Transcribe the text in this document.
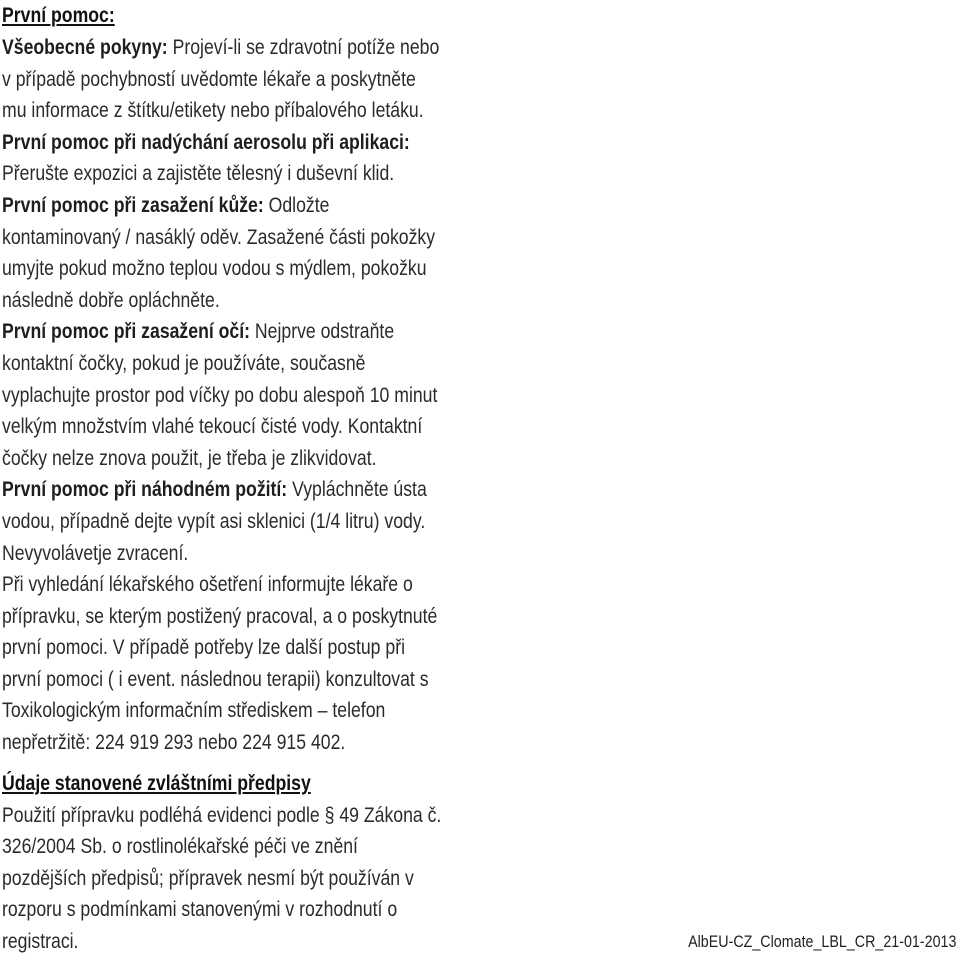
První pomoc:
Všeobecné pokyny: Projeví-li se zdravotní potíže nebo
v případě pochybností uvědomte lékaře a poskytněte
mu informace z štítku/etikety nebo příbalového letáku.
První pomoc při nadýchání aerosolu při aplikaci:
Přerušte expozici a zajistěte tělesný i duševní klid.
První pomoc při zasažení kůže: Odložte
kontaminovaný / nasáklý oděv. Zasažené části pokožky
umyjte pokud možno teplou vodou s mýdlem, pokožku
následně dobře opláchněte.
První pomoc při zasažení očí: Nejprve odstraňte
kontaktní čočky, pokud je používáte, současně
vyplachujte prostor pod víčky po dobu alespoň 10 minut
velkým množstvím vlahé tekoucí čisté vody. Kontaktní
čočky nelze znova použit, je třeba je zlikvidovat.
První pomoc při náhodném požití: Vypláchněte ústa
vodou, případně dejte vypít asi sklenici (1/4 litru) vody.
Nevyvolávetje zvracení.
Při vyhledání lékařského ošetření informujte lékaře o
přípravku, se kterým postižený pracoval, a o poskytnuté
první pomoci. V případě potřeby lze další postup při
první pomoci ( i event. následnou terapii) konzultovat s
Toxikologickým informačním střediskem – telefon
nepřetržitě: 224 919 293 nebo 224 915 402.
Údaje stanovené zvláštními předpisy
Použití přípravku podléhá evidenci podle § 49 Zákona č.
326/2004 Sb. o rostlinolékařské péči ve znění
pozdějších předpisů; přípravek nesmí být používán v
rozporu s podmínkami stanovenými v rozhodnutí o
registraci.	AlbEU-CZ_Clomate_LBL_CR_21-01-2013
